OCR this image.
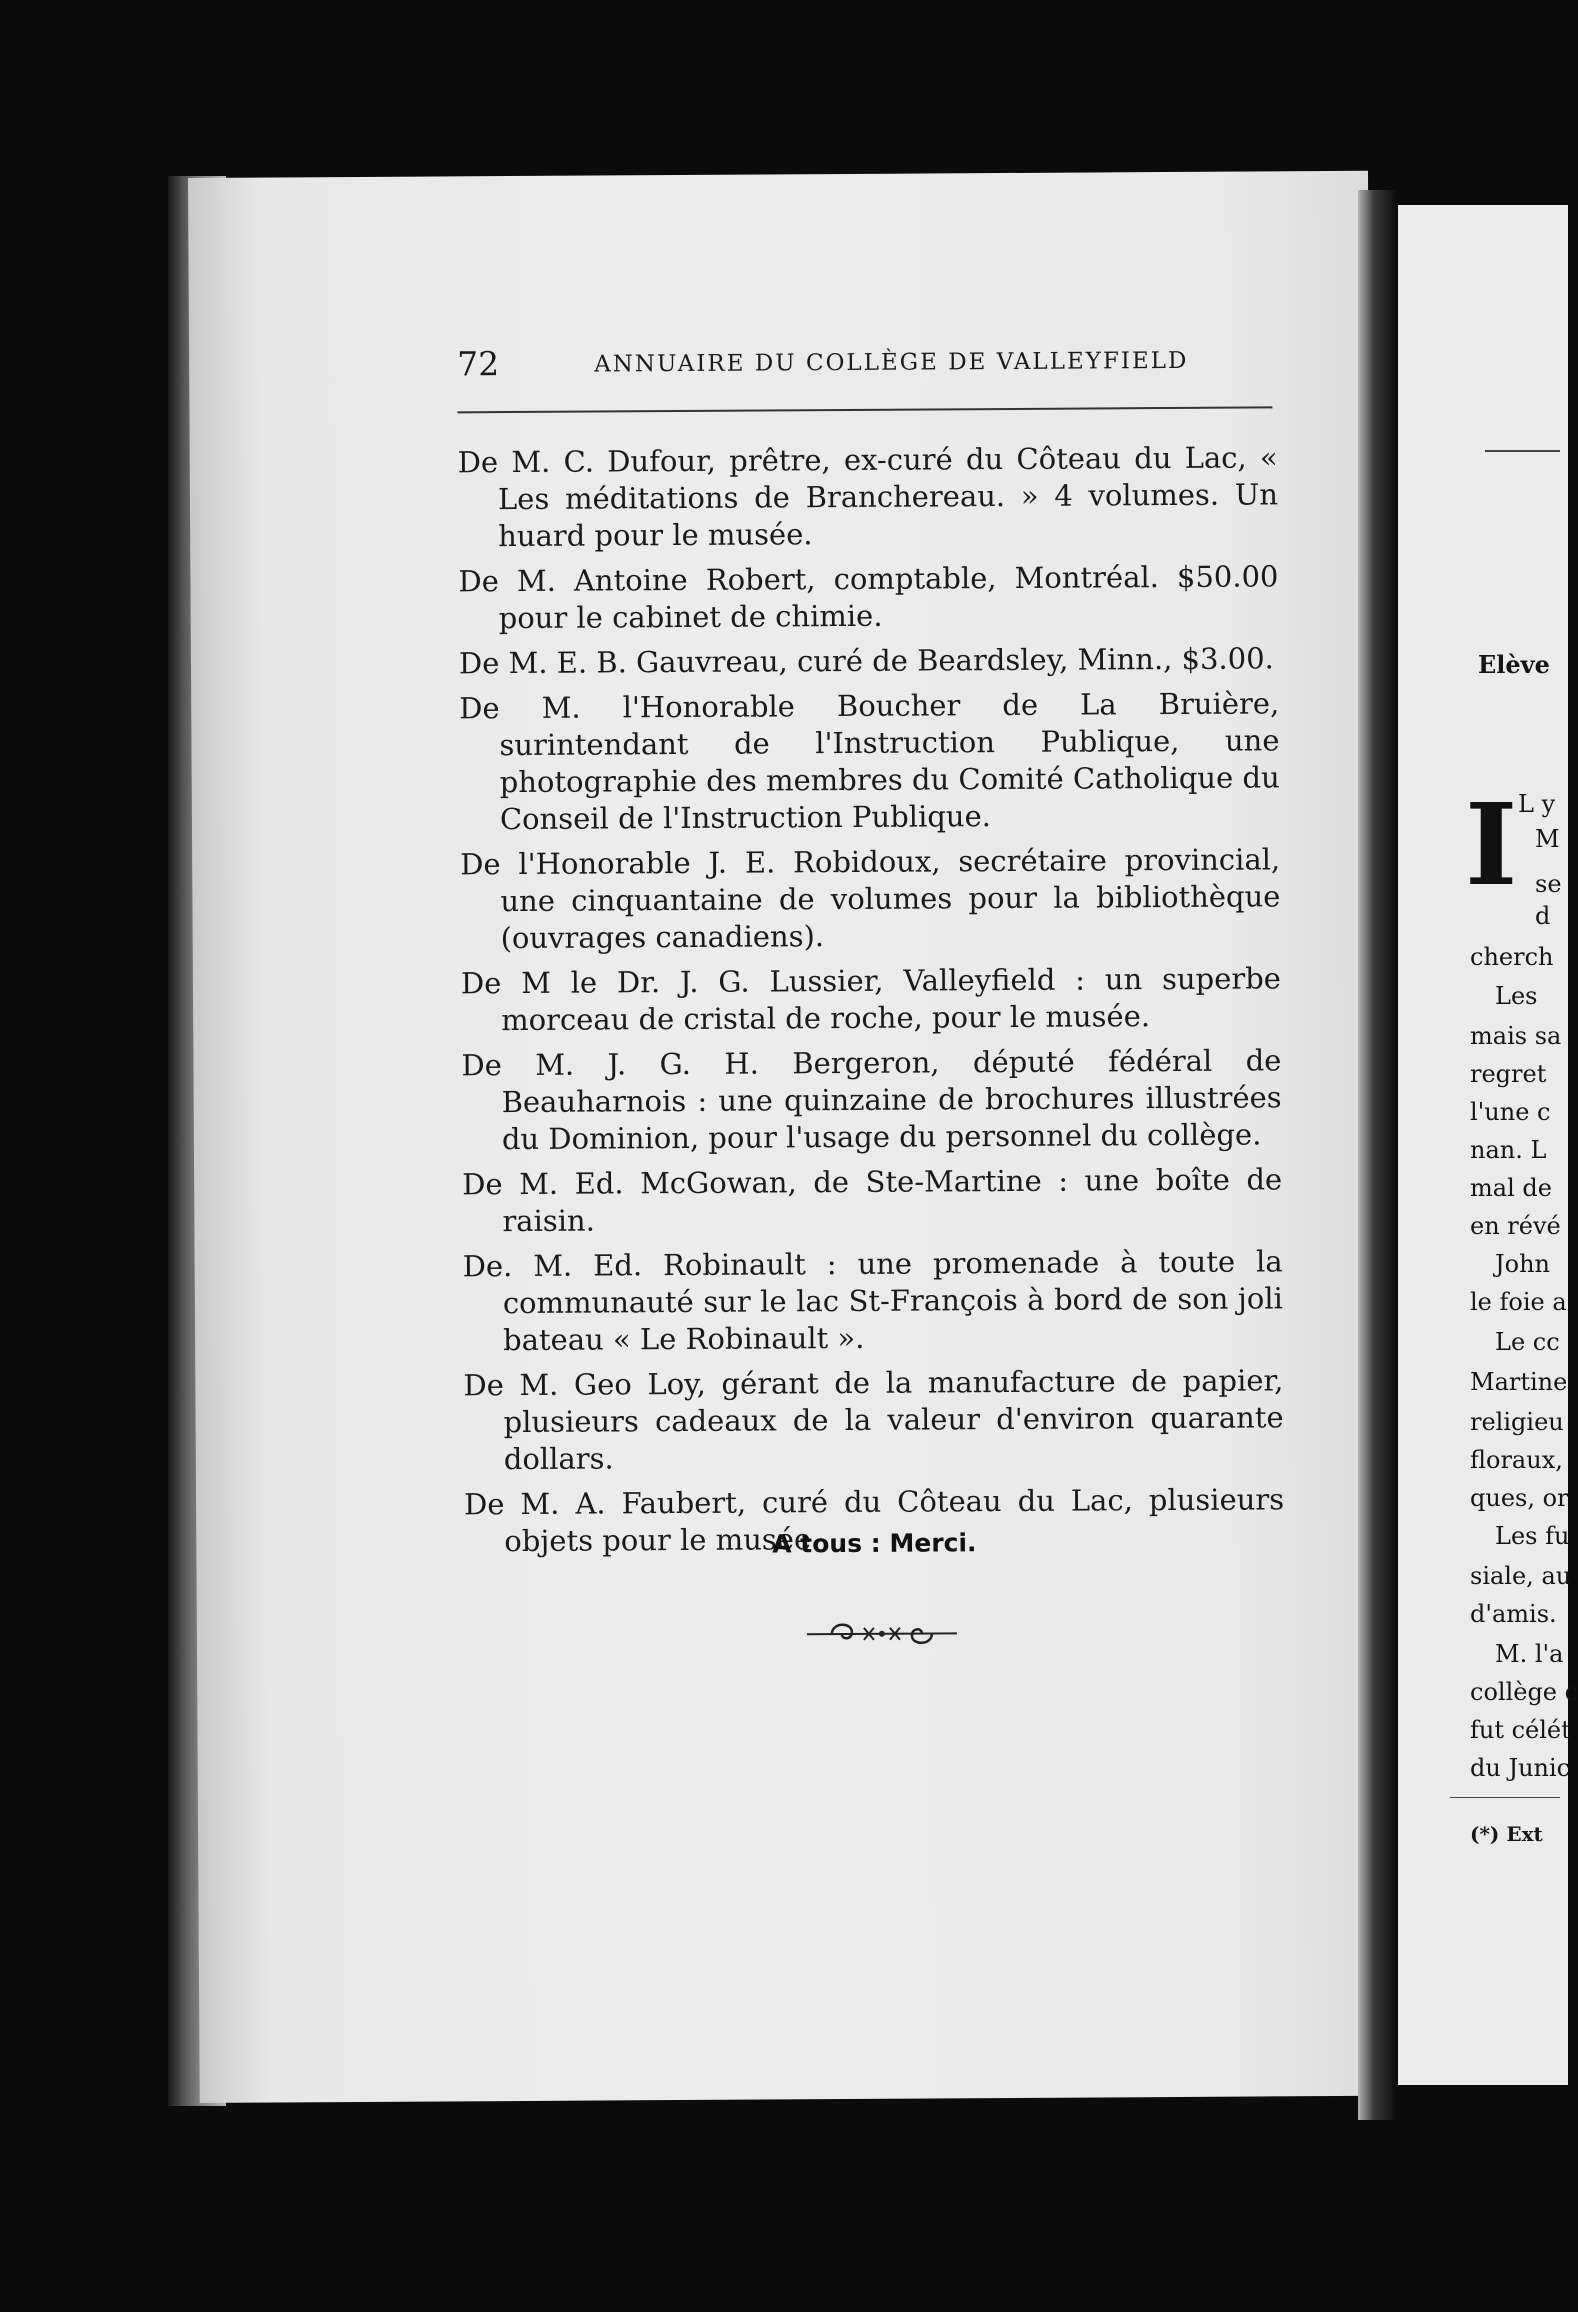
72	ANNUAIRE DU COLLÈGE DE VALLEYFIELD

De M. C. Dufour, prêtre, ex-curé du Côteau du Lac, « Les méditations de Branchereau. » 4 volumes. Un huard pour le musée.

De M. Antoine Robert, comptable, Montréal. $50.00 pour le cabinet de chimie.

De M. E. B. Gauvreau, curé de Beardsley, Minn., $3.00.

De M. l'Honorable Boucher de La Bruière, surintendant de l'Instruction Publique, une photographie des membres du Comité Catholique du Conseil de l'Instruction Publique.

De l'Honorable J. E. Robidoux, secrétaire provincial, une cinquantaine de volumes pour la bibliothèque (ouvrages canadiens).

De M le Dr. J. G. Lussier, Valleyfield : un superbe morceau de cristal de roche, pour le musée.

De M. J. G. H. Bergeron, député fédéral de Beauharnois : une quinzaine de brochures illustrées du Dominion, pour l'usage du personnel du collège.

De M. Ed. McGowan, de Ste-Martine : une boîte de raisin.

De. M. Ed. Robinault : une promenade à toute la communauté sur le lac St-François à bord de son joli bateau « Le Robinault ».

De M. Geo Loy, gérant de la manufacture de papier, plusieurs cadeaux de la valeur d'environ quarante dollars.

De M. A. Faubert, curé du Côteau du Lac, plusieurs objets pour le musée.

A tous : Merci.
Elève
I L y
M
se
d
cherch
Les
mais sa
regret
l'une c
nan. L
mal de
en révé
John
le foie a
Le cc
Martine
religieu
floraux,
ques, or
Les fu
siale, au
d'amis.
M. l'a
collège c
fut célét
du Junic
(*) Ext
